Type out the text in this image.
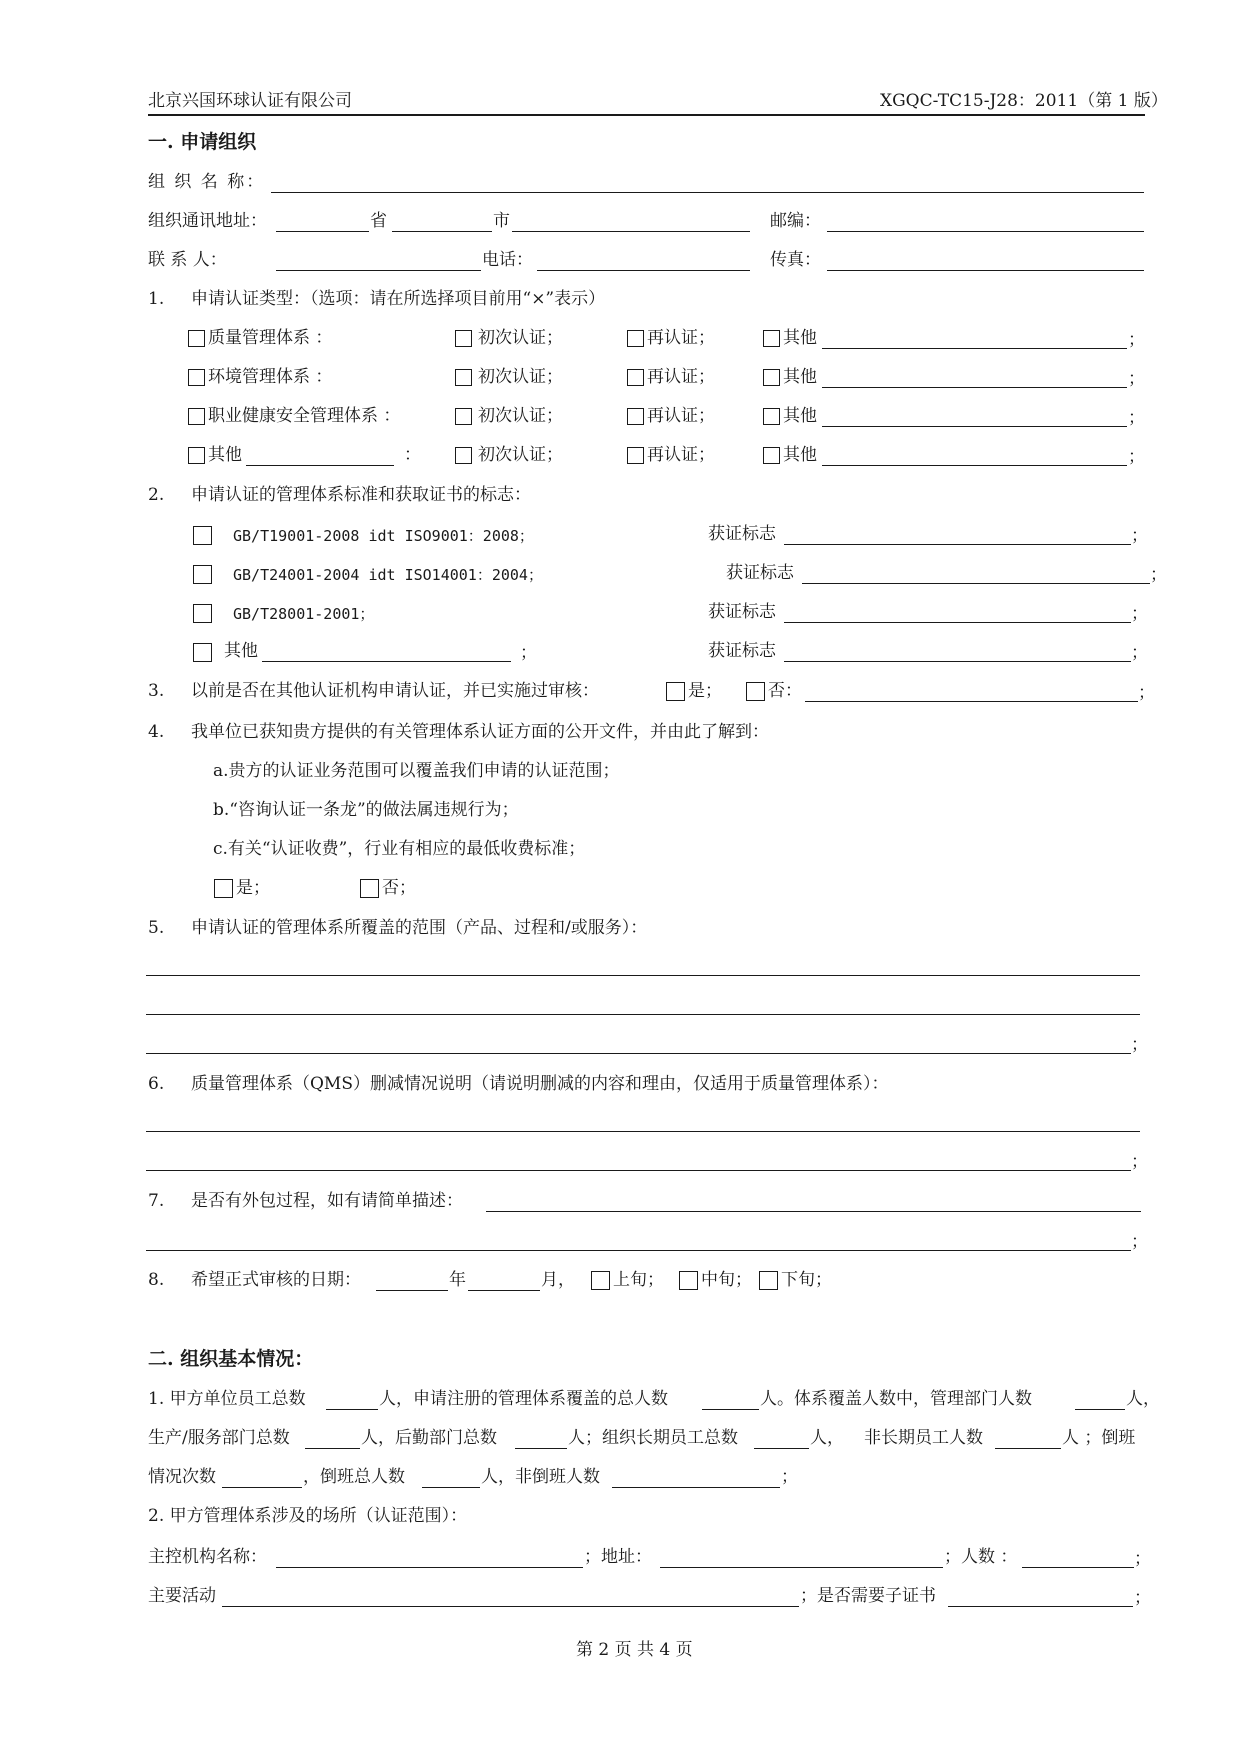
北京兴国环球认证有限公司	XGQC-TC15-J28：2011（第 1 版）
一. 申请组织
组 织 名 称：
组织通讯地址：	省	市	邮编：
联 系 人：	电话：	传真：
1. 申请认证类型：（选项：请在所选择项目前用“×”表示）
质量管理体系 ：	初次认证；	再认证；	其他	；
环境管理体系 ：	初次认证；	再认证；	其他	；
职业健康安全管理体系 ：	初次认证；	再认证；	其他	；
其他	：	初次认证；	再认证；	其他	；
2. 申请认证的管理体系标准和获取证书的标志：
GB/T19001-2008 idt ISO9001：2008；	获证标志	；
GB/T24001-2004 idt ISO14001：2004；	获证标志	；
GB/T28001-2001；	获证标志	；
其他	；	获证标志	；
3. 以前是否在其他认证机构申请认证，并已实施过审核：	是；	否：	；
4. 我单位已获知贵方提供的有关管理体系认证方面的公开文件，并由此了解到：
a.贵方的认证业务范围可以覆盖我们申请的认证范围；
b.“咨询认证一条龙”的做法属违规行为；
c.有关“认证收费”，行业有相应的最低收费标准；
是；	否；
5. 申请认证的管理体系所覆盖的范围（产品、过程和/或服务）：
；
6. 质量管理体系（QMS）删减情况说明（请说明删减的内容和理由，仅适用于质量管理体系）：
；
7. 是否有外包过程，如有请简单描述：
；
8. 希望正式审核的日期：	年	月， 上旬； 中旬； 下旬；
二. 组织基本情况：
1. 甲方单位员工总数	人，申请注册的管理体系覆盖的总人数	人。体系覆盖人数中，管理部门人数	人，
生产/服务部门总数	人，后勤部门总数	人；组织长期员工总数	人， 非长期员工人数	人 ；倒班
情况次数	，倒班总人数	人，非倒班人数	；
2. 甲方管理体系涉及的场所（认证范围）：
主控机构名称：	；地址：	；人数 ：	；
主要活动	；是否需要子证书	；
第 2 页 共 4 页
